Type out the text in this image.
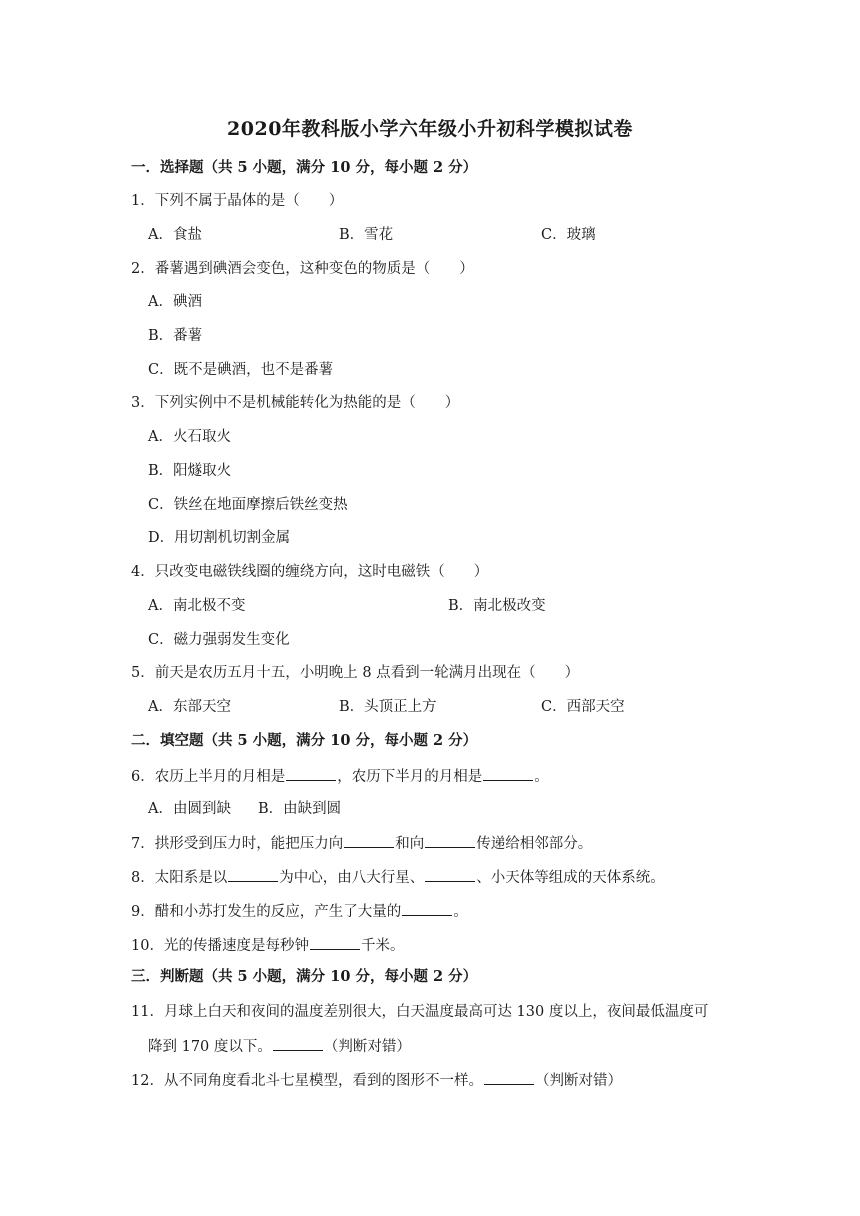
2020年教科版小学六年级小升初科学模拟试卷
一．选择题（共 5 小题，满分 10 分，每小题 2 分）
1．下列不属于晶体的是（　　）
A．食盐	B．雪花	C．玻璃
2．番薯遇到碘酒会变色，这种变色的物质是（　　）
A．碘酒
B．番薯
C．既不是碘酒，也不是番薯
3．下列实例中不是机械能转化为热能的是（　　）
A．火石取火
B．阳燧取火
C．铁丝在地面摩擦后铁丝变热
D．用切割机切割金属
4．只改变电磁铁线圈的缠绕方向，这时电磁铁（　　）
A．南北极不变	B．南北极改变
C．磁力强弱发生变化
5．前天是农历五月十五，小明晚上 8 点看到一轮满月出现在（　　）
A．东部天空	B．头顶正上方	C．西部天空
二．填空题（共 5 小题，满分 10 分，每小题 2 分）
6．农历上半月的月相是	，农历下半月的月相是	。
A．由圆到缺 B．由缺到圆
7．拱形受到压力时，能把压力向	和向	传递给相邻部分。
8．太阳系是以	为中心，由八大行星、	、小天体等组成的天体系统。
9．醋和小苏打发生的反应，产生了大量的	。
10．光的传播速度是每秒钟	千米。
三．判断题（共 5 小题，满分 10 分，每小题 2 分）
11．月球上白天和夜间的温度差别很大，白天温度最高可达 130 度以上，夜间最低温度可
降到 170 度以下。	（判断对错）
12．从不同角度看北斗七星模型，看到的图形不一样。	（判断对错）
